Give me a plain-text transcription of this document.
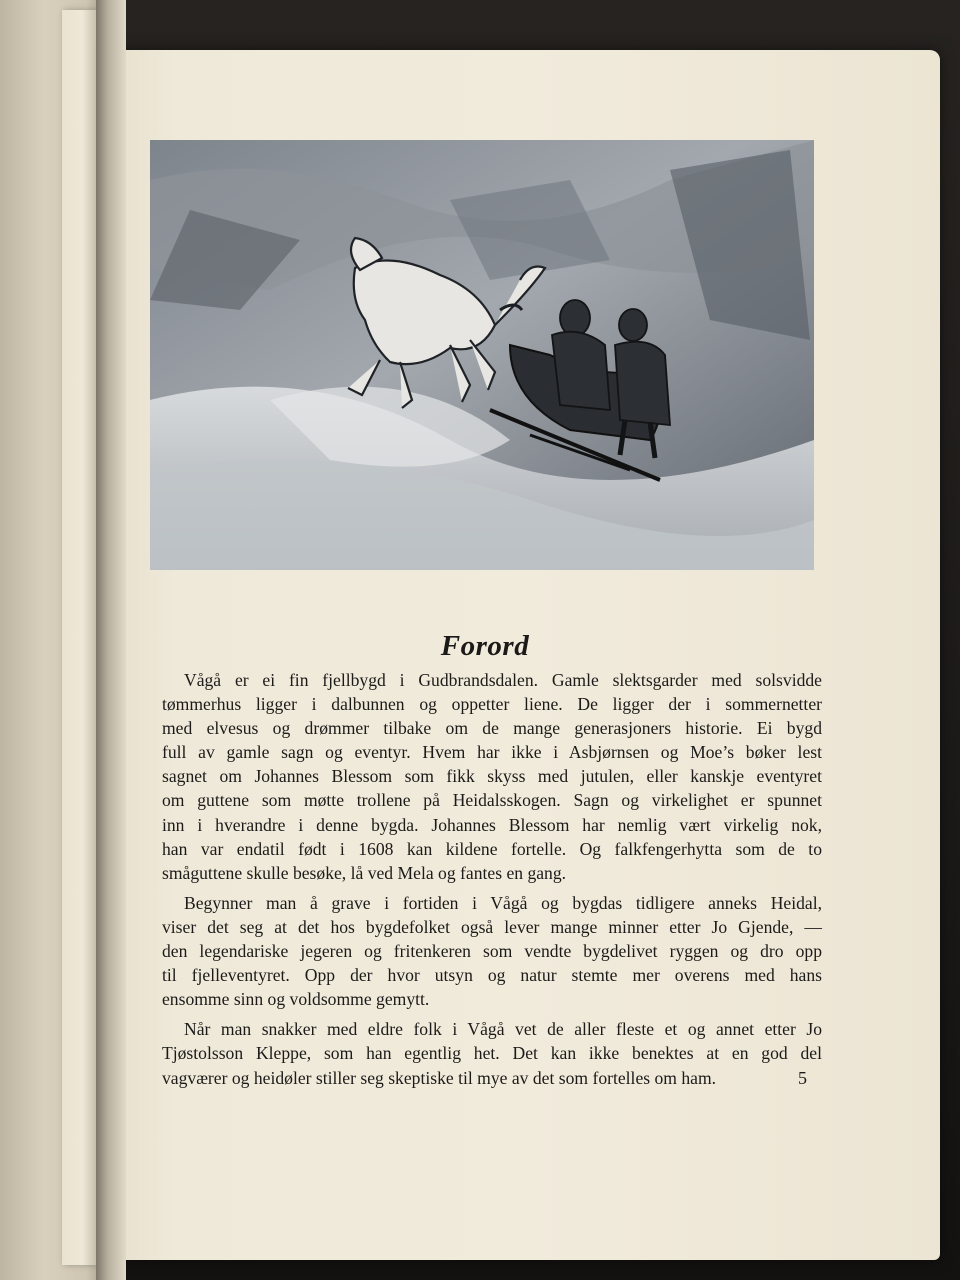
Forord

Vågå er ei fin fjellbygd i Gudbrandsdalen. Gamle slektsgarder med solsvidde
tømmerhus ligger i dalbunnen og oppetter liene. De ligger der i sommernetter
med elvesus og drømmer tilbake om de mange generasjoners historie. Ei bygd
full av gamle sagn og eventyr. Hvem har ikke i Asbjørnsen og Moe’s bøker lest
sagnet om Johannes Blessom som fikk skyss med jutulen, eller kanskje eventyret
om guttene som møtte trollene på Heidalsskogen. Sagn og virkelighet er spunnet
inn i hverandre i denne bygda. Johannes Blessom har nemlig vært virkelig nok,
han var endatil født i 1608 kan kildene fortelle. Og falkfengerhytta som de to
småguttene skulle besøke, lå ved Mela og fantes en gang.

Begynner man å grave i fortiden i Vågå og bygdas tidligere anneks Heidal,
viser det seg at det hos bygdefolket også lever mange minner etter Jo Gjende, —
den legendariske jegeren og fritenkeren som vendte bygdelivet ryggen og dro opp
til fjelleventyret. Opp der hvor utsyn og natur stemte mer overens med hans
ensomme sinn og voldsomme gemytt.

Når man snakker med eldre folk i Vågå vet de aller fleste et og annet etter Jo
Tjøstolsson Kleppe, som han egentlig het. Det kan ikke benektes at en god del
vagværer og heidøler stiller seg skeptiske til mye av det som fortelles om ham.	5
